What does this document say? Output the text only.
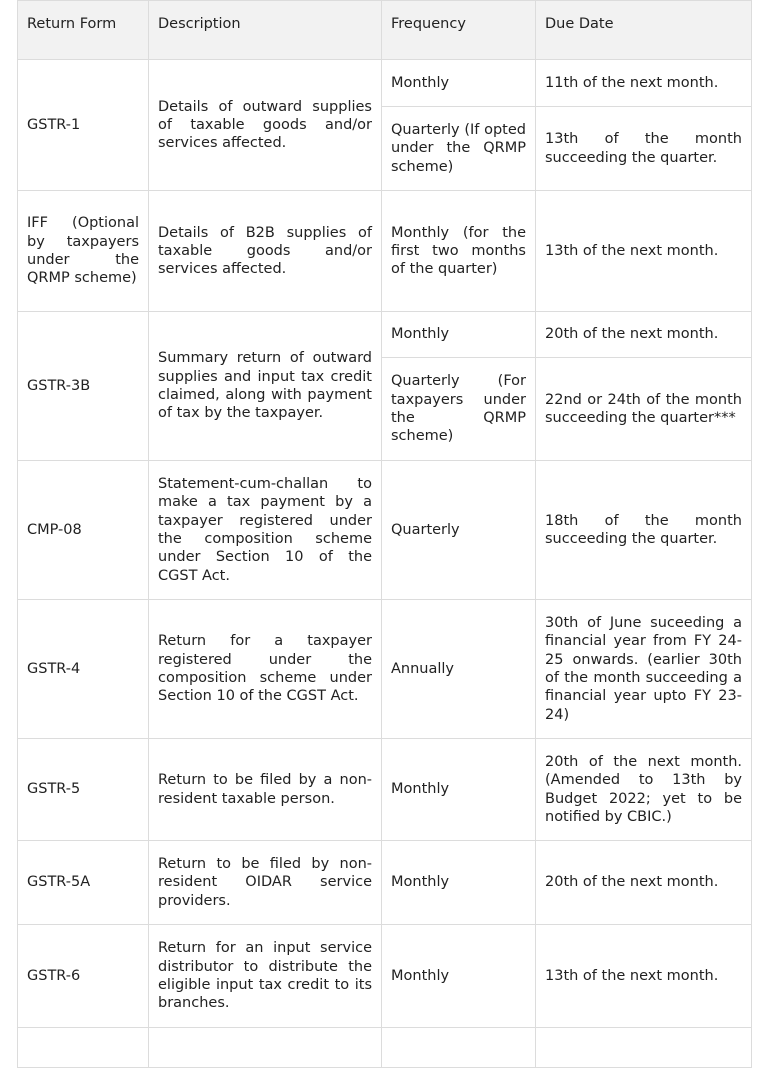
Return Form	Description	Frequency	Due Date
GSTR-1	Details of outward supplies of taxable goods and/or services affected.	Monthly	11th of the next month.
		Quarterly (If opted under the QRMP scheme)	13th of the month succeeding the quarter.
IFF (Optional by taxpayers under the QRMP scheme)	Details of B2B supplies of taxable goods and/or services affected.	Monthly (for the first two months of the quarter)	13th of the next month.
GSTR-3B	Summary return of outward supplies and input tax credit claimed, along with payment of tax by the taxpayer.	Monthly	20th of the next month.
		Quarterly (For taxpayers under the QRMP scheme)	22nd or 24th of the month succeeding the quarter***
CMP-08	Statement-cum-challan to make a tax payment by a taxpayer registered under the composition scheme under Section 10 of the CGST Act.	Quarterly	18th of the month succeeding the quarter.
GSTR-4	Return for a taxpayer registered under the composition scheme under Section 10 of the CGST Act.	Annually	30th of June suceeding a financial year from FY 24-25 onwards. (earlier 30th of the month succeeding a financial year upto FY 23-24)
GSTR-5	Return to be filed by a non-resident taxable person.	Monthly	20th of the next month. (Amended to 13th by Budget 2022; yet to be notified by CBIC.)
GSTR-5A	Return to be filed by non-resident OIDAR service providers.	Monthly	20th of the next month.
GSTR-6	Return for an input service distributor to distribute the eligible input tax credit to its branches.	Monthly	13th of the next month.
